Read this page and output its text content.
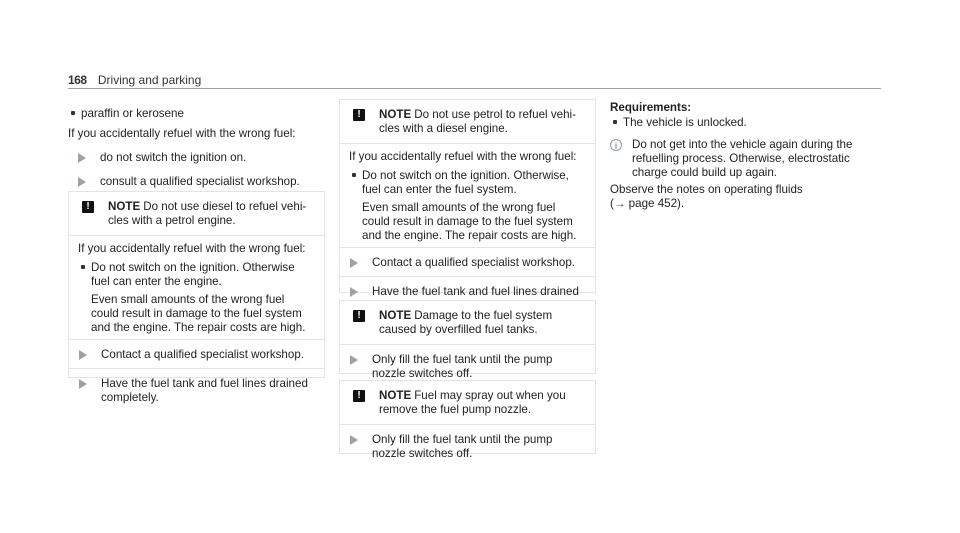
168 Driving and parking
paraffin or kerosene
If you accidentally refuel with the wrong fuel:
do not switch the ignition on.
consult a qualified specialist workshop.
!	NOTE Do not use diesel to refuel vehi-cles with a petrol engine.
If you accidentally refuel with the wrong fuel:
Do not switch on the ignition. Otherwise fuel can enter the engine.
Even small amounts of the wrong fuel could result in damage to the fuel system and the engine. The repair costs are high.
Contact a qualified specialist workshop.
Have the fuel tank and fuel lines drained completely.
!	NOTE Do not use petrol to refuel vehi-cles with a diesel engine.
If you accidentally refuel with the wrong fuel:
Do not switch on the ignition. Otherwise, fuel can enter the fuel system.
Even small amounts of the wrong fuel could result in damage to the fuel system and the engine. The repair costs are high.
Contact a qualified specialist workshop.
Have the fuel tank and fuel lines drained
!	NOTE Damage to the fuel system caused by overfilled fuel tanks.
Only fill the fuel tank until the pump nozzle switches off.
!	NOTE Fuel may spray out when you remove the fuel pump nozzle.
Only fill the fuel tank until the pump nozzle switches off.
Requirements:
The vehicle is unlocked.
i	Do not get into the vehicle again during the refuelling process. Otherwise, electrostatic charge could build up again.
Observe the notes on operating fluids
(→ page 452).
